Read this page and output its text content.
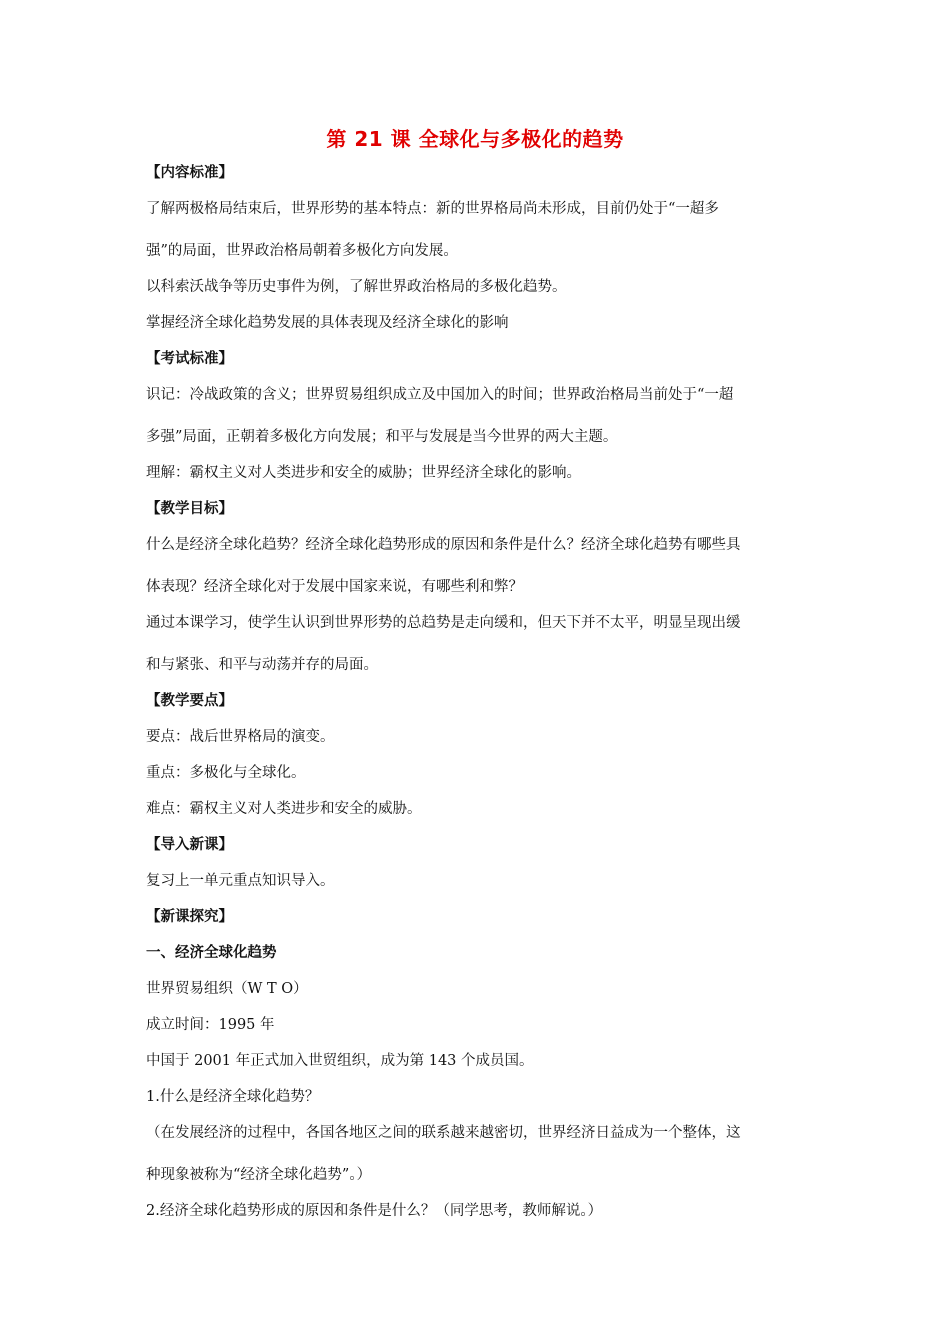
第 21 课 全球化与多极化的趋势
【内容标准】
了解两极格局结束后，世界形势的基本特点：新的世界格局尚未形成，目前仍处于“一超多
强”的局面，世界政治格局朝着多极化方向发展。
以科索沃战争等历史事件为例，了解世界政治格局的多极化趋势。
掌握经济全球化趋势发展的具体表现及经济全球化的影响
【考试标准】
识记：冷战政策的含义；世界贸易组织成立及中国加入的时间；世界政治格局当前处于“一超
多强”局面，正朝着多极化方向发展；和平与发展是当今世界的两大主题。
理解：霸权主义对人类进步和安全的威胁；世界经济全球化的影响。
【教学目标】
什么是经济全球化趋势？经济全球化趋势形成的原因和条件是什么？经济全球化趋势有哪些具
体表现？经济全球化对于发展中国家来说，有哪些利和弊？
通过本课学习，使学生认识到世界形势的总趋势是走向缓和，但天下并不太平，明显呈现出缓
和与紧张、和平与动荡并存的局面。
【教学要点】
要点：战后世界格局的演变。
重点：多极化与全球化。
难点：霸权主义对人类进步和安全的威胁。
【导入新课】
复习上一单元重点知识导入。
【新课探究】
一、经济全球化趋势
世界贸易组织（W T O）
成立时间：1995 年
中国于 2001 年正式加入世贸组织，成为第 143 个成员国。
1.什么是经济全球化趋势？
（在发展经济的过程中，各国各地区之间的联系越来越密切，世界经济日益成为一个整体，这
种现象被称为“经济全球化趋势”。）
2.经济全球化趋势形成的原因和条件是什么？（同学思考，教师解说。）
